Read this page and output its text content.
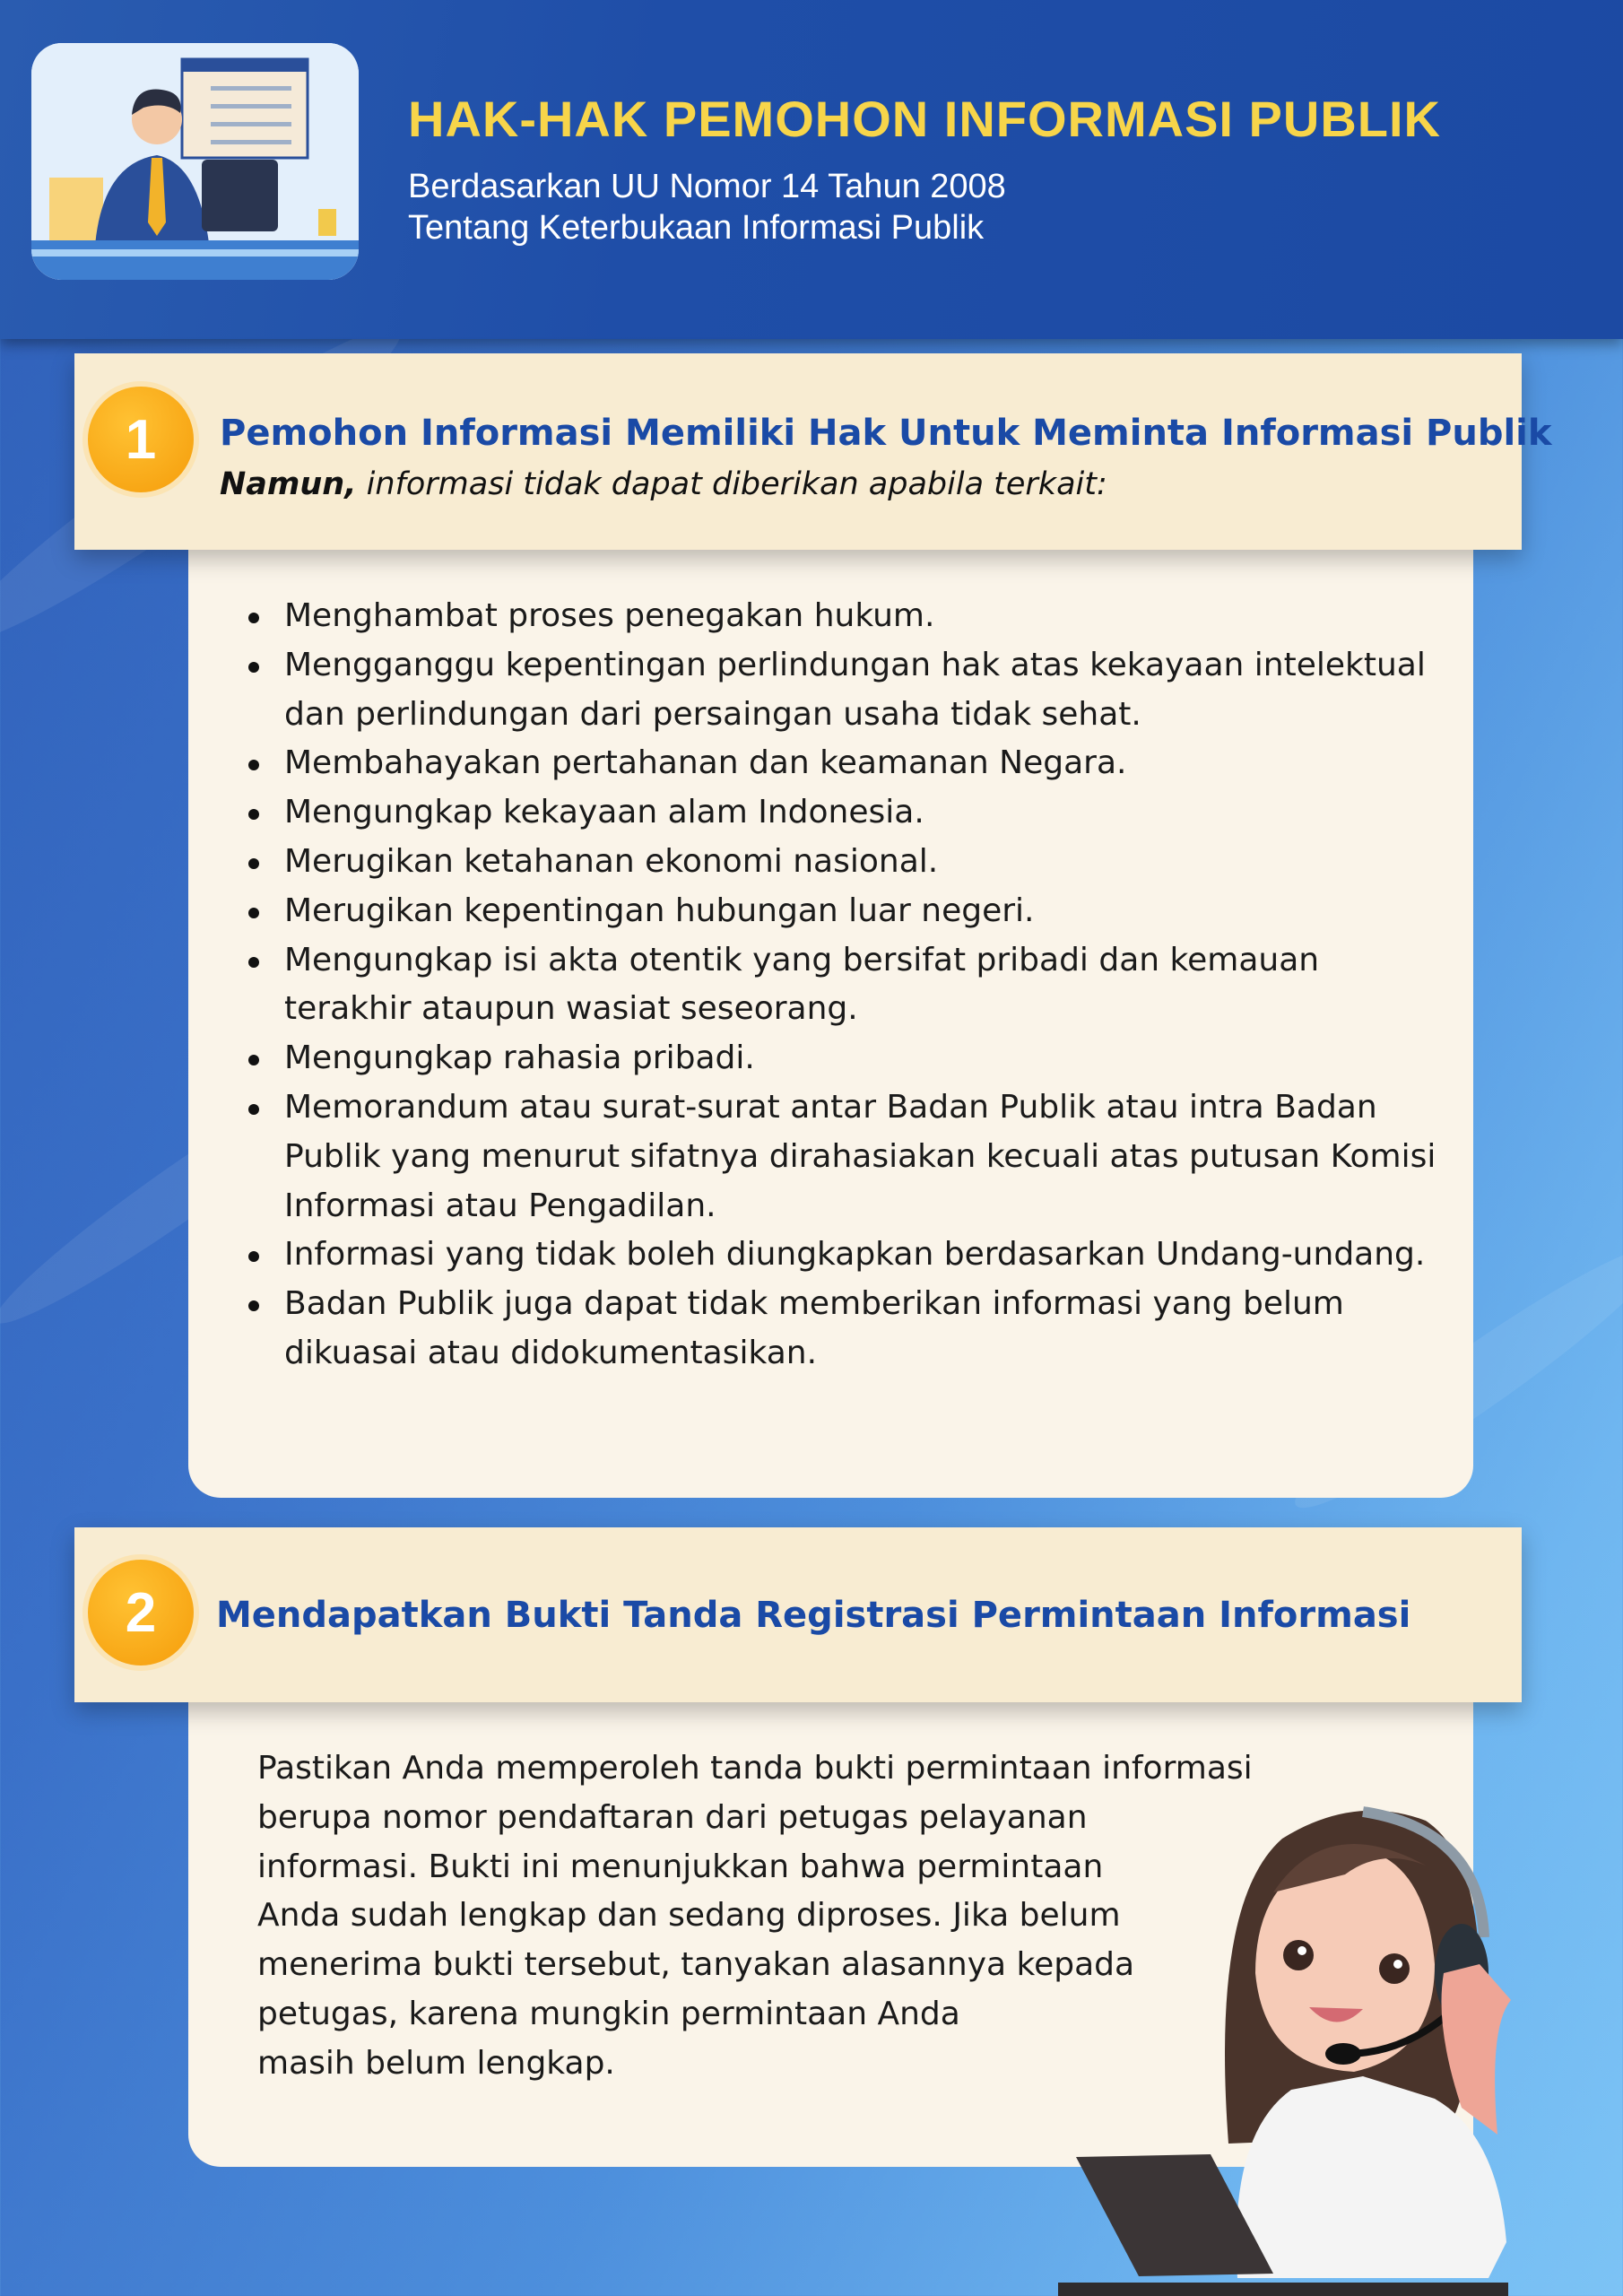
HAK-HAK PEMOHON INFORMASI PUBLIK
Berdasarkan UU Nomor 14 Tahun 2008
Tentang Keterbukaan Informasi Publik
1	Pemohon Informasi Memiliki Hak Untuk Meminta Informasi Publik
Namun, informasi tidak dapat diberikan apabila terkait:
Menghambat proses penegakan hukum.
Mengganggu kepentingan perlindungan hak atas kekayaan intelektual dan perlindungan dari persaingan usaha tidak sehat.
Membahayakan pertahanan dan keamanan Negara.
Mengungkap kekayaan alam Indonesia.
Merugikan ketahanan ekonomi nasional.
Merugikan kepentingan hubungan luar negeri.
Mengungkap isi akta otentik yang bersifat pribadi dan kemauan terakhir ataupun wasiat seseorang.
Mengungkap rahasia pribadi.
Memorandum atau surat-surat antar Badan Publik atau intra Badan Publik yang menurut sifatnya dirahasiakan kecuali atas putusan Komisi Informasi atau Pengadilan.
Informasi yang tidak boleh diungkapkan berdasarkan Undang-undang.
Badan Publik juga dapat tidak memberikan informasi yang belum dikuasai atau didokumentasikan.
2	Mendapatkan Bukti Tanda Registrasi Permintaan Informasi
Pastikan Anda memperoleh tanda bukti permintaan informasi
berupa nomor pendaftaran dari petugas pelayanan
informasi. Bukti ini menunjukkan bahwa permintaan
Anda sudah lengkap dan sedang diproses. Jika belum
menerima bukti tersebut, tanyakan alasannya kepada
petugas, karena mungkin permintaan Anda
masih belum lengkap.
